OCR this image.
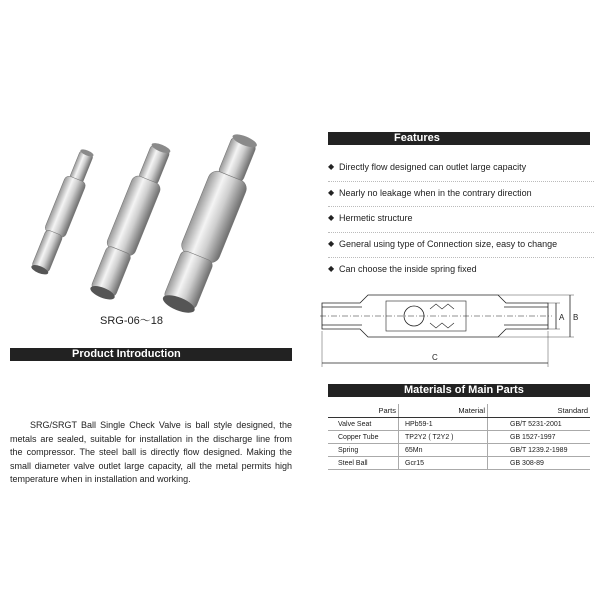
SRG-06～18
Product Introduction

SRG/SRGT Ball Single Check Valve is ball style designed, the metals are sealed, suitable for installation in the discharge line from the compressor. The steel ball is directly flow designed. Making the small diameter valve outlet large capacity, all the metal permits high temperature when in installation and working.

Features
◆ Directly flow designed can outlet large capacity
◆ Nearly no leakage when in the contrary direction
◆ Hermetic structure
◆ General using type of Connection size, easy to change
◆ Can choose the inside spring fixed
A B
C
Materials of Main Parts
Parts	Material	Standard
Valve Seat	HPb59-1	GB/T 5231-2001
Copper Tube	TP2Y2 ( T2Y2 )	GB 1527-1997
Spring	65Mn	GB/T 1239.2-1989
Steel Ball	Gcr15	GB 308-89
